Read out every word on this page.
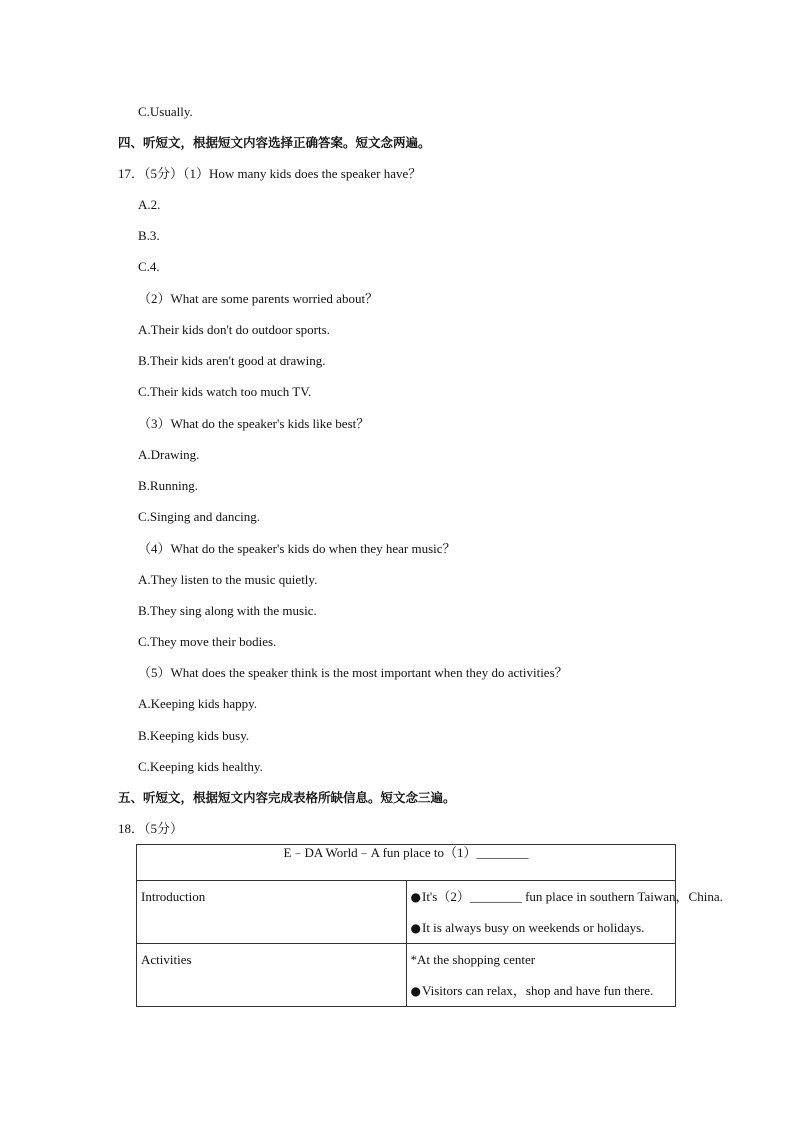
C.Usually.
四、听短文，根据短文内容选择正确答案。短文念两遍。
17．（5分）（1）How many kids does the speaker have？
A.2.
B.3.
C.4.
（2）What are some parents worried about？
A.Their kids don't do outdoor sports.
B.Their kids aren't good at drawing.
C.Their kids watch too much TV.
（3）What do the speaker's kids like best？
A.Drawing.
B.Running.
C.Singing and dancing.
（4）What do the speaker's kids do when they hear music？
A.They listen to the music quietly.
B.They sing along with the music.
C.They move their bodies.
（5）What does the speaker think is the most important when they do activities？
A.Keeping kids happy.
B.Keeping kids busy.
C.Keeping kids healthy.
五、听短文，根据短文内容完成表格所缺信息。短文念三遍。
18．（5分）
E﹣DA World﹣A fun place to（1）________	

Introduction	● It's（2）________ fun place in southern Taiwan，China.
● It is always busy on weekends or holidays.

Activities	*At the shopping center
● Visitors can relax，shop and have fun there.
